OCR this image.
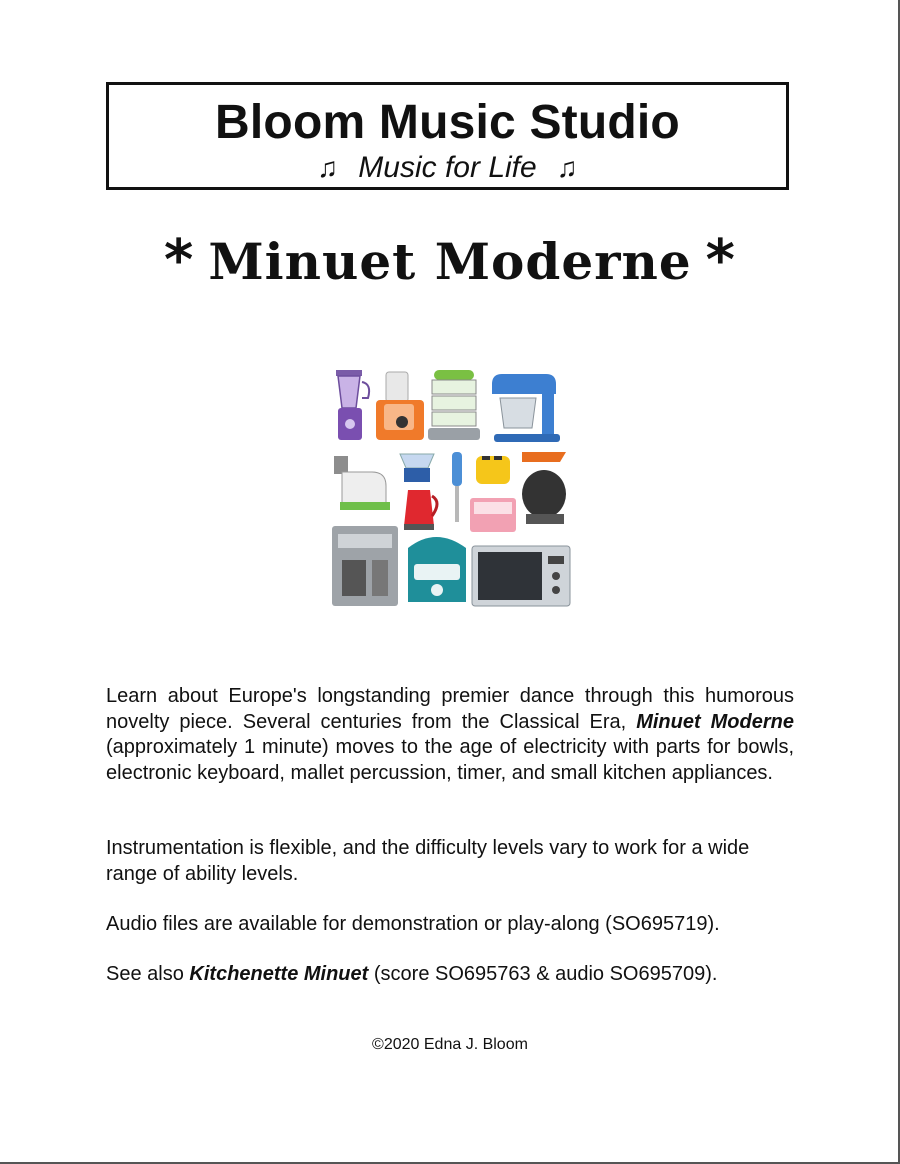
Bloom Music Studio
♫ Music for Life ♫
* Minuet Moderne *
Learn about Europe's longstanding premier dance through this humorous novelty piece. Several centuries from the Classical Era, Minuet Moderne (approximately 1 minute) moves to the age of electricity with parts for bowls, electronic keyboard, mallet percussion, timer, and small kitchen appliances.
Instrumentation is flexible, and the difficulty levels vary to work for a wide range of ability levels.
Audio files are available for demonstration or play-along (SO695719).
See also Kitchenette Minuet (score SO695763 & audio SO695709).
©2020 Edna J. Bloom
